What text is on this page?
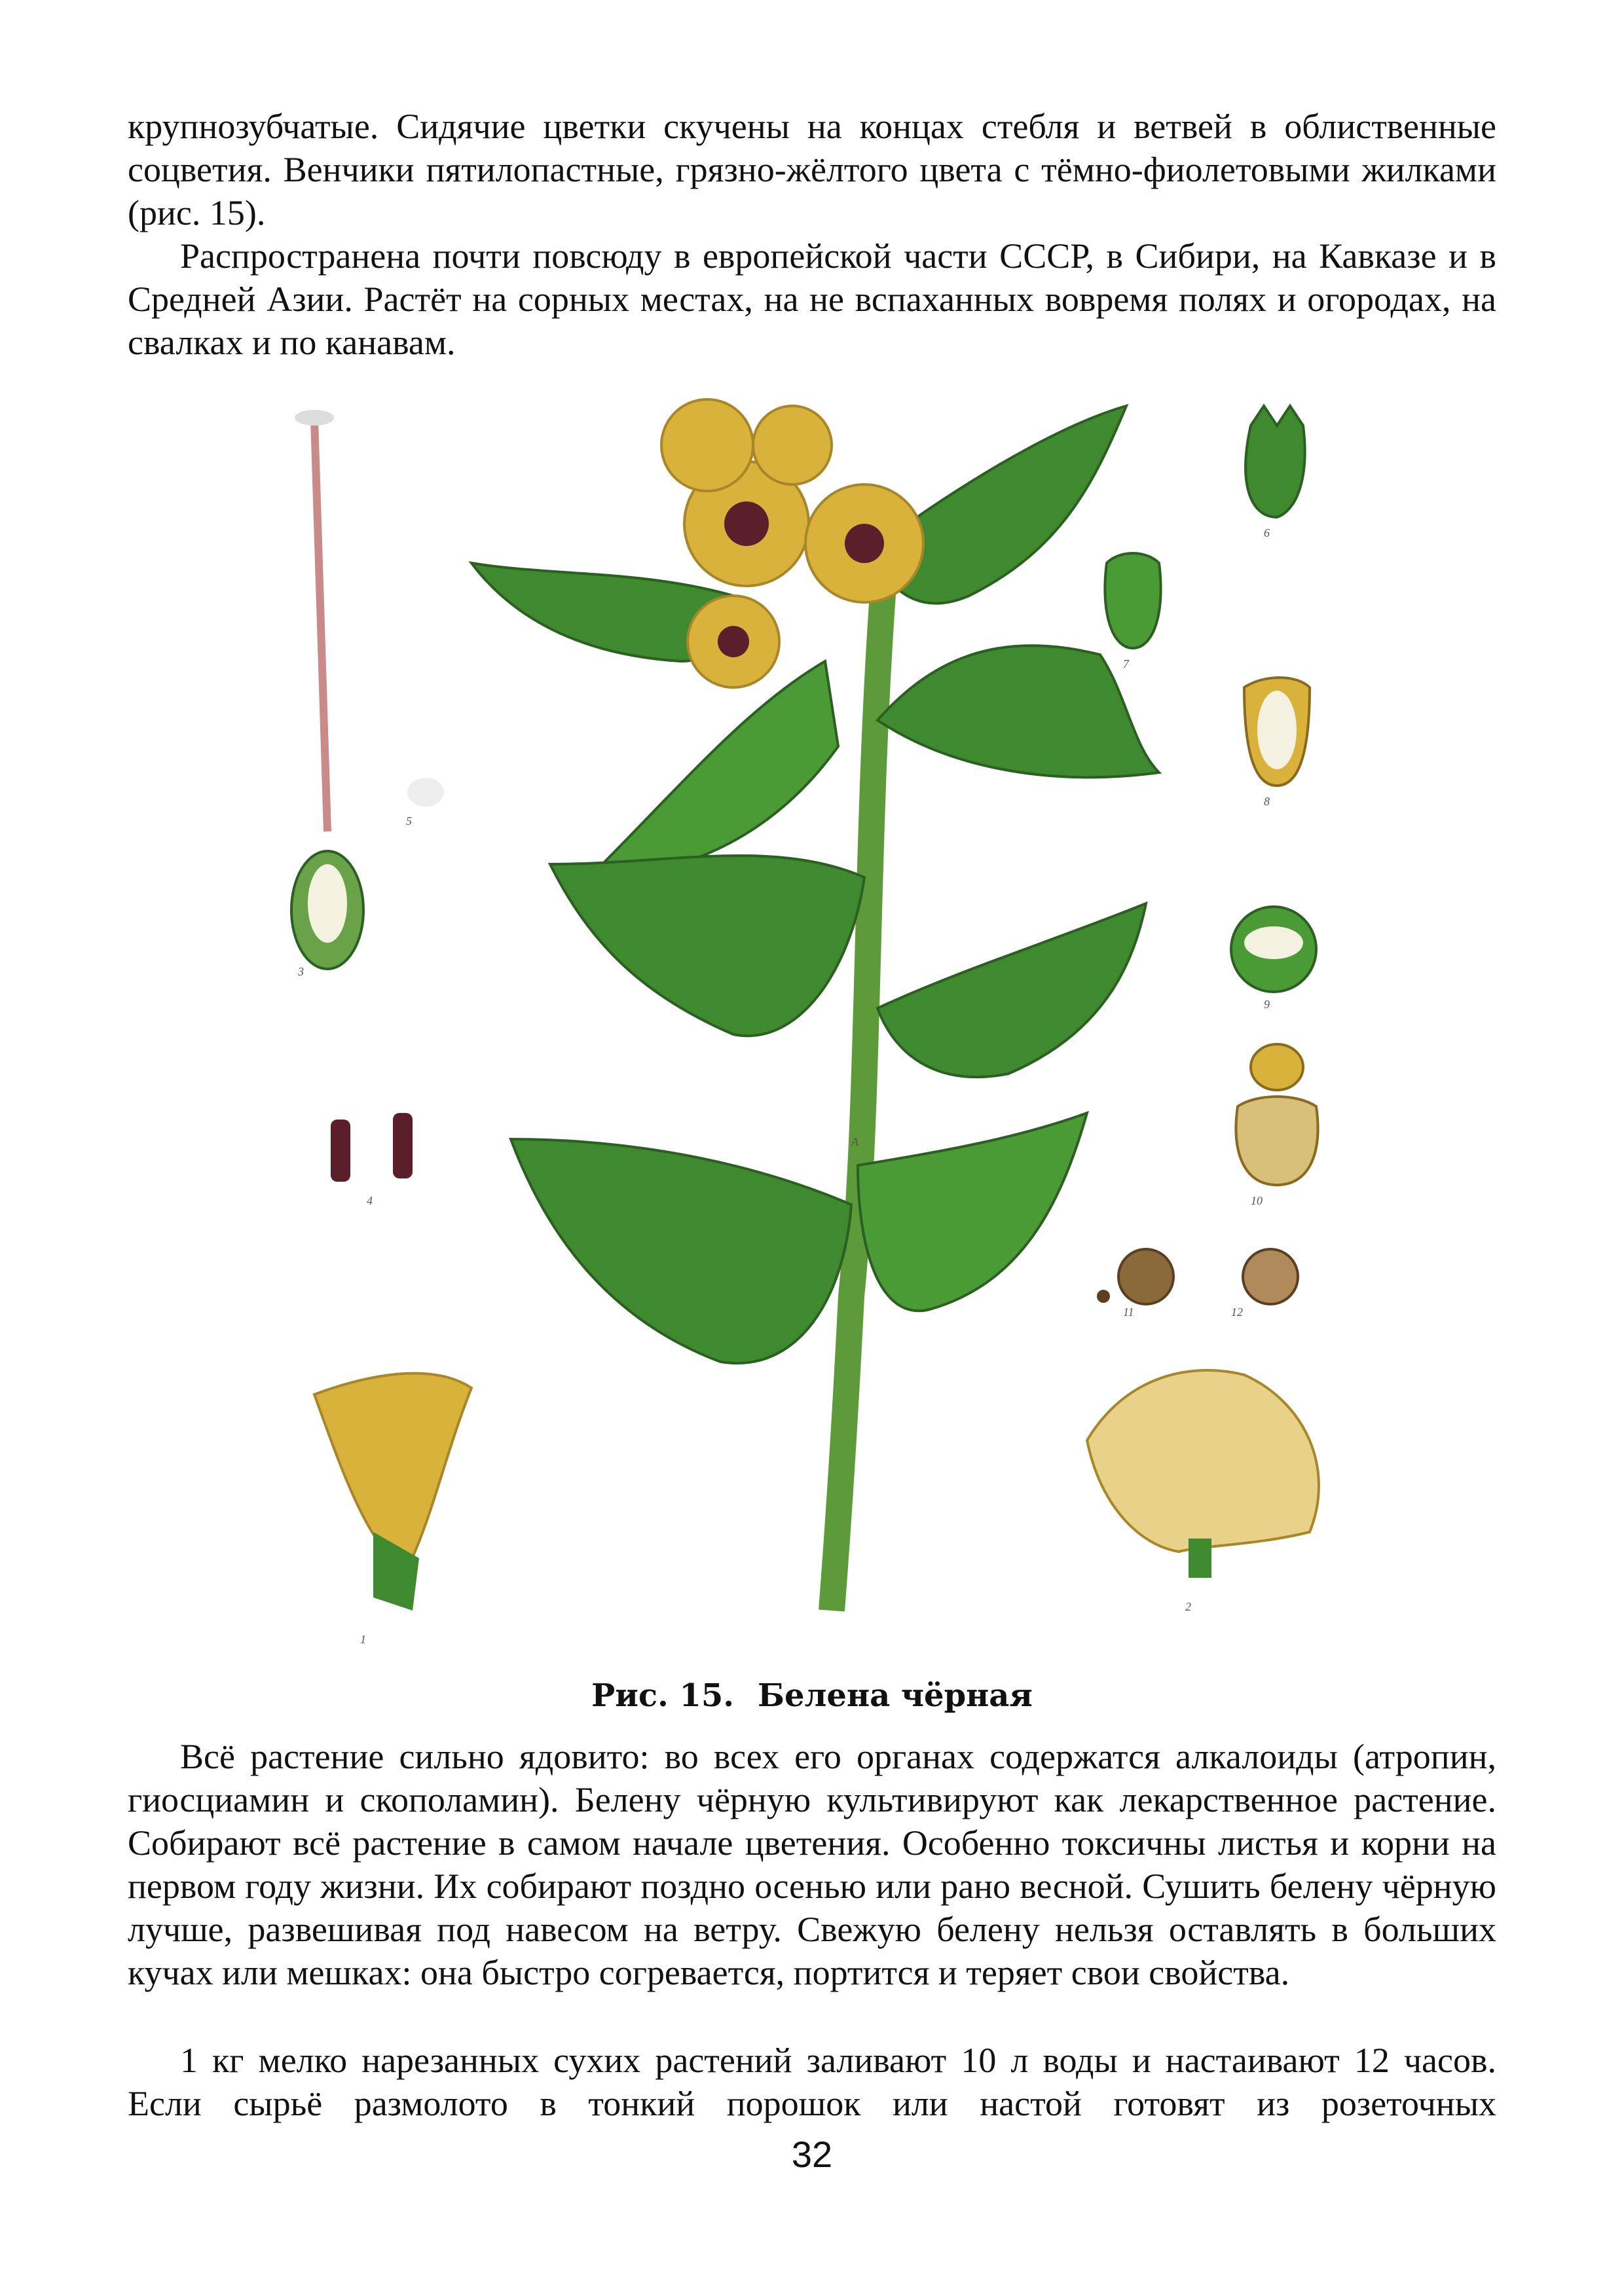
крупнозубчатые. Сидячие цветки скучены на концах стебля и ветвей в облиственные соцветия. Венчики пятилопастные, грязно-жёлтого цвета с тёмно-фиолетовыми жилками (рис. 15).

Распространена почти повсюду в европейской части СССР, в Сибири, на Кавказе и в Средней Азии. Растёт на сорных местах, на не вспаханных вовремя полях и огородах, на свалках и по канавам.

A
1
2
3
4
5
6
7
8
9
10
11	12
Рис. 15. Белена чёрная

Всё растение сильно ядовито: во всех его органах содержатся алкалоиды (атропин, гиосциамин и скополамин). Белену чёрную культивируют как лекарственное растение. Собирают всё растение в самом начале цветения. Особенно токсичны листья и корни на первом году жизни. Их собирают поздно осенью или рано весной. Сушить белену чёрную лучше, развешивая под навесом на ветру. Свежую белену нельзя оставлять в больших кучах или мешках: она быстро согревается, портится и теряет свои свойства.

1 кг мелко нарезанных сухих растений заливают 10 л воды и настаивают 12 часов. Если сырьё размолото в тонкий порошок или настой готовят из розеточных

32
